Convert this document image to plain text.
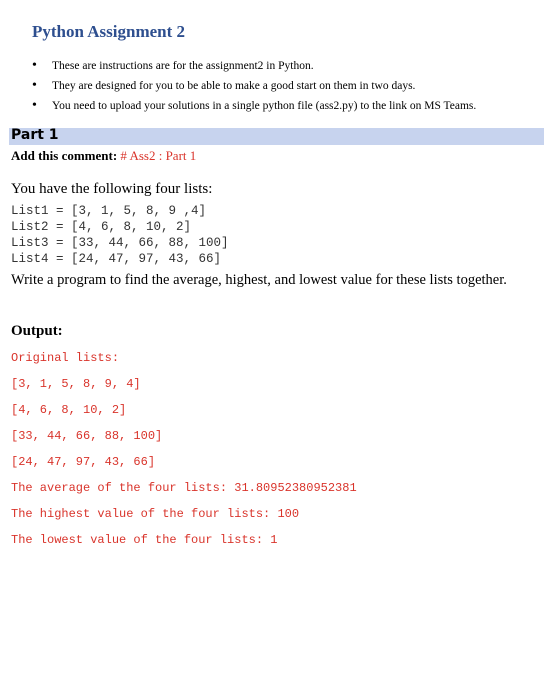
Python Assignment 2
• These are instructions are for the assignment2 in Python.
• They are designed for you to be able to make a good start on them in two days.
• You need to upload your solutions in a single python file (ass2.py) to the link on MS Teams.
Part 1
Add this comment: # Ass2 : Part 1
You have the following four lists:
List1 = [3, 1, 5, 8, 9 ,4]
List2 = [4, 6, 8, 10, 2]
List3 = [33, 44, 66, 88, 100]
List4 = [24, 47, 97, 43, 66]
Write a program to find the average, highest, and lowest value for these lists together.
Output:
Original lists:
[3, 1, 5, 8, 9, 4]
[4, 6, 8, 10, 2]
[33, 44, 66, 88, 100]
[24, 47, 97, 43, 66]
The average of the four lists: 31.80952380952381
The highest value of the four lists: 100
The lowest value of the four lists: 1
